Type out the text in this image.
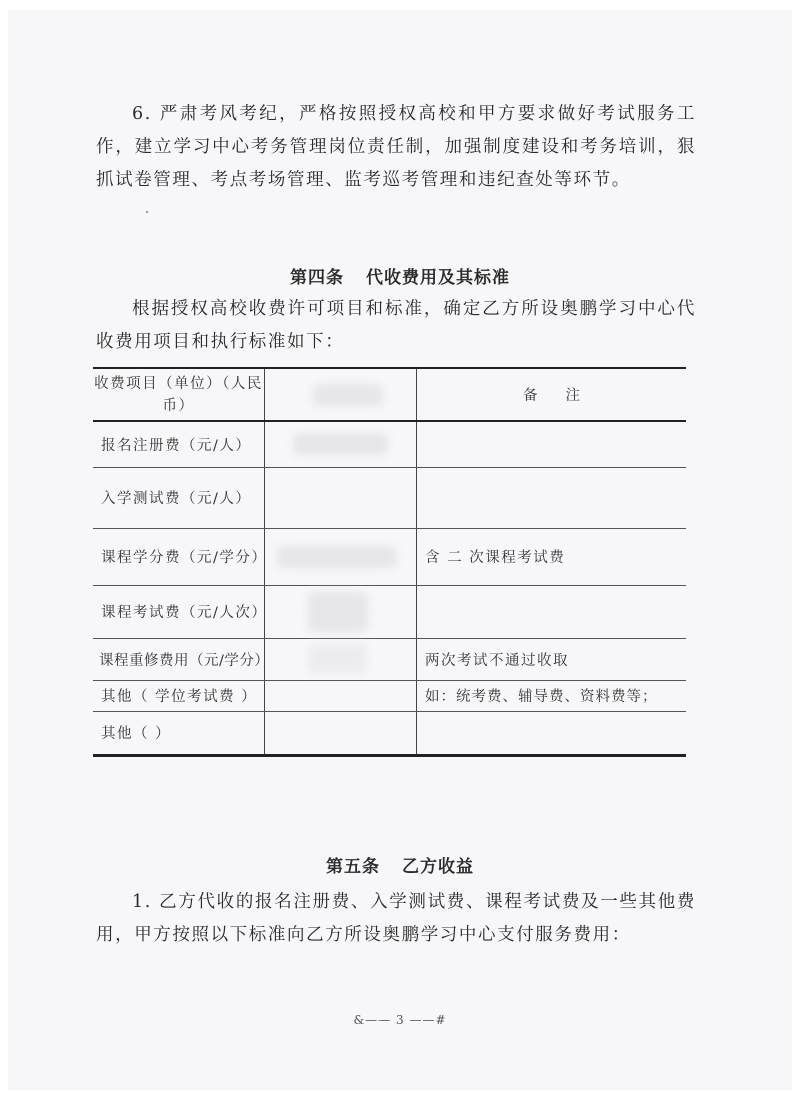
6. 严肃考风考纪，严格按照授权高校和甲方要求做好考试服务工作，建立学习中心考务管理岗位责任制，加强制度建设和考务培训，狠抓试卷管理、考点考场管理、监考巡考管理和违纪查处等环节。
第四条 代收费用及其标准
根据授权高校收费许可项目和标准，确定乙方所设奥鹏学习中心代收费用项目和执行标准如下：
收费项目（单位）（人民币）		备注
报名注册费（元/人）		
入学测试费（元/人）		
课程学分费（元/学分）		含 二 次课程考试费
课程考试费（元/人次）		
课程重修费用（元/学分）		两次考试不通过收取
其他（ 学位考试费 ）		如：统考费、辅导费、资料费等；
其他（ ）		
第五条 乙方收益
1. 乙方代收的报名注册费、入学测试费、课程考试费及一些其他费用，甲方按照以下标准向乙方所设奥鹏学习中心支付服务费用：
&—— 3 ——#
